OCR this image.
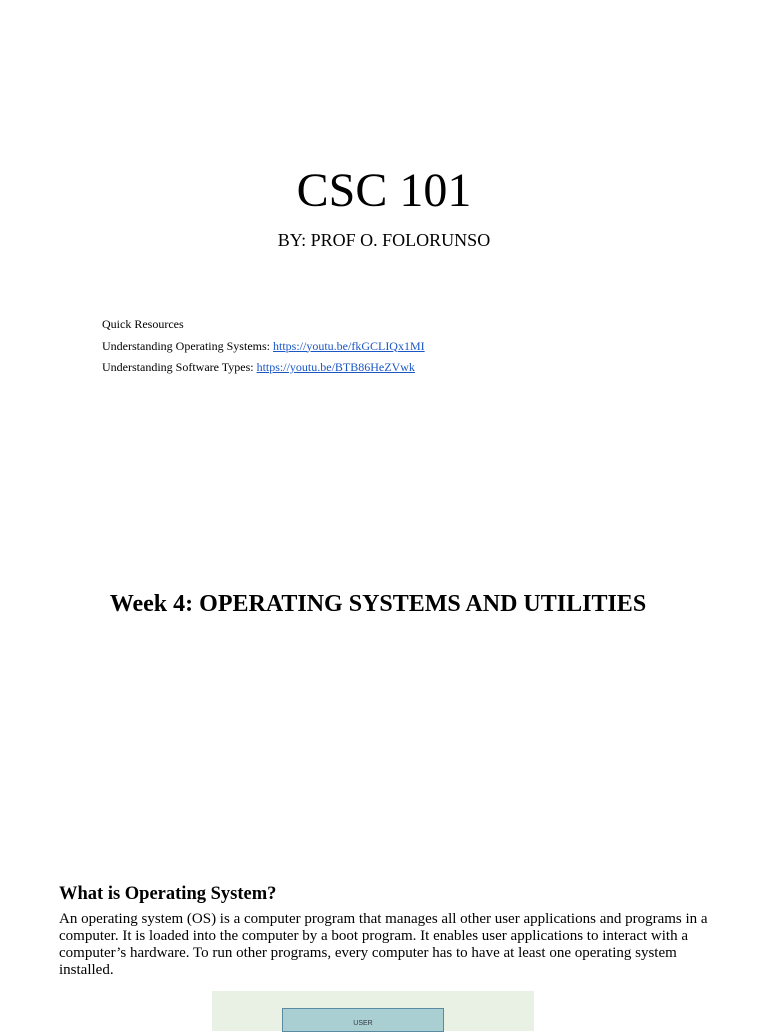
CSC 101
BY: PROF O. FOLORUNSO
Quick Resources
Understanding Operating Systems: https://youtu.be/fkGCLIQx1MI
Understanding Software Types: https://youtu.be/BTB86HeZVwk
Week 4: OPERATING SYSTEMS AND UTILITIES
What is Operating System?
An operating system (OS) is a computer program that manages all other user applications and programs in a computer. It is loaded into the computer by a boot program. It enables user applications to interact with a computer’s hardware. To run other programs, every computer has to have at least one operating system installed.
USER
